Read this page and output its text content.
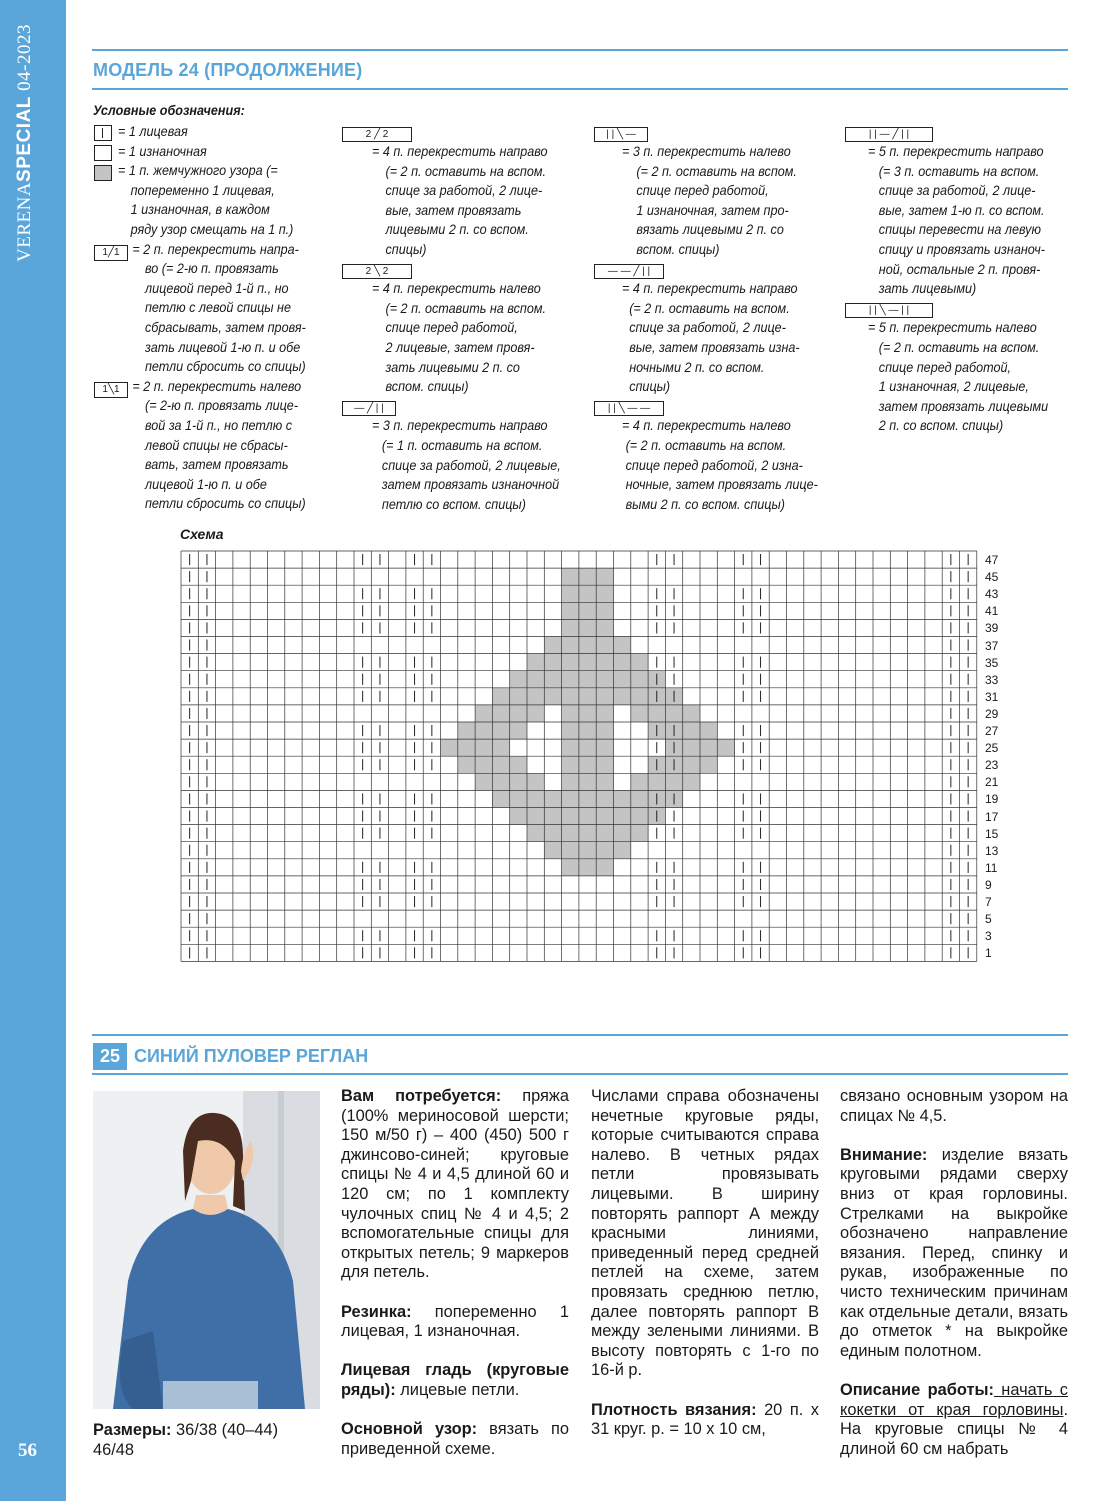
VERENASPECIAL 04-2023
56
МОДЕЛЬ 24 (ПРОДОЛЖЕНИЕ)
Условные обозначения:
1╱1
1╲1
2 ╱ 2
2 ╲ 2
— ╱ | |
| | ╲ —
— — ╱ | |
| | ╲ — —
| | — ╱ | |
| | ╲ — | |
= 1 лицевая
= 1 изнаночная
= 1 п. жемчужного узора (=
попеременно 1 лицевая,
1 изнаночная, в каждом
ряду узор смещать на 1 п.)
= 2 п. перекрестить напра-
во (= 2-ю п. провязать
лицевой перед 1-й п., но
петлю с левой спицы не
сбрасывать, затем провя-
зать лицевой 1-ю п. и обе
петли сбросить со спицы)
= 2 п. перекрестить налево
(= 2-ю п. провязать лице-
вой за 1-й п., но петлю с
левой спицы не сбрасы-
вать, затем провязать
лицевой 1-ю п. и обе
петли сбросить со спицы)
= 4 п. перекрестить направо
(= 2 п. оставить на вспом.
спице за работой, 2 лице-
вые, затем провязать
лицевыми 2 п. со вспом.
спицы)
= 4 п. перекрестить налево
(= 2 п. оставить на вспом.
спице перед работой,
2 лицевые, затем провя-
зать лицевыми 2 п. со
вспом. спицы)
= 3 п. перекрестить направо
(= 1 п. оставить на вспом.
спице за работой, 2 лицевые,
затем провязать изнаночной
петлю со вспом. спицы)
= 3 п. перекрестить налево
(= 2 п. оставить на вспом.
спице перед работой,
1 изнаночная, затем про-
вязать лицевыми 2 п. со
вспом. спицы)
= 4 п. перекрестить направо
(= 2 п. оставить на вспом.
спице за работой, 2 лице-
вые, затем провязать изна-
ночными 2 п. со вспом.
спицы)
= 4 п. перекрестить налево
(= 2 п. оставить на вспом.
спице перед работой, 2 изна-
ночные, затем провязать лице-
выми 2 п. со вспом. спицы)
= 5 п. перекрестить направо
(= 3 п. оставить на вспом.
спице за работой, 2 лице-
вые, затем 1-ю п. со вспом.
спицы перевести на левую
спицу и провязать изнаноч-
ной, остальные 2 п. провя-
зать лицевыми)
= 5 п. перекрестить налево
(= 2 п. оставить на вспом.
спице перед работой,
1 изнаночная, 2 лицевые,
затем провязать лицевыми
2 п. со вспом. спицы)
Схема
47
45
43
41
39
37
35
33
31
29
27
25
23
21
19
17
15
13
11
9
7
5
3
1
25 СИНИЙ ПУЛОВЕР РЕГЛАН
Размеры: 36/38 (40–44) 46/48

Вам потребуется: пряжа (100% мериносовой шерсти; 150 м/50 г) – 400 (450) 500 г джинсово-синей; круговые спицы № 4 и 4,5 длиной 60 и 120 см; по 1 комплекту чулочных спиц № 4 и 4,5; 2 вспомогательные спицы для открытых петель; 9 маркеров для петель.

Резинка: попеременно 1 лицевая, 1 изнаночная.

Лицевая гладь (круговые ряды): лицевые петли.

Основной узор: вязать по приведенной схеме.

Числами справа обозначены нечетные круговые ряды, которые считываются справа налево. В четных рядах петли провязывать лицевыми. В ширину повторять раппорт А между красными линиями, приведенный перед средней петлей на схеме, затем провязать среднюю петлю, далее повторять раппорт В между зелеными линиями. В высоту повторять с 1-го по 16-й р.

Плотность вязания: 20 п. х 31 круг. р. = 10 х 10 см,

связано основным узором на спицах № 4,5.

Внимание: изделие вязать круговыми рядами сверху вниз от края горловины. Стрелками на выкройке обозначено направление вязания. Перед, спинку и рукав, изображенные по чисто техническим причинам как отдельные детали, вязать до отметок * на выкройке единым полотном.

Описание работы: начать с кокетки от края горловины. На круговые спицы № 4 длиной 60 см набрать
